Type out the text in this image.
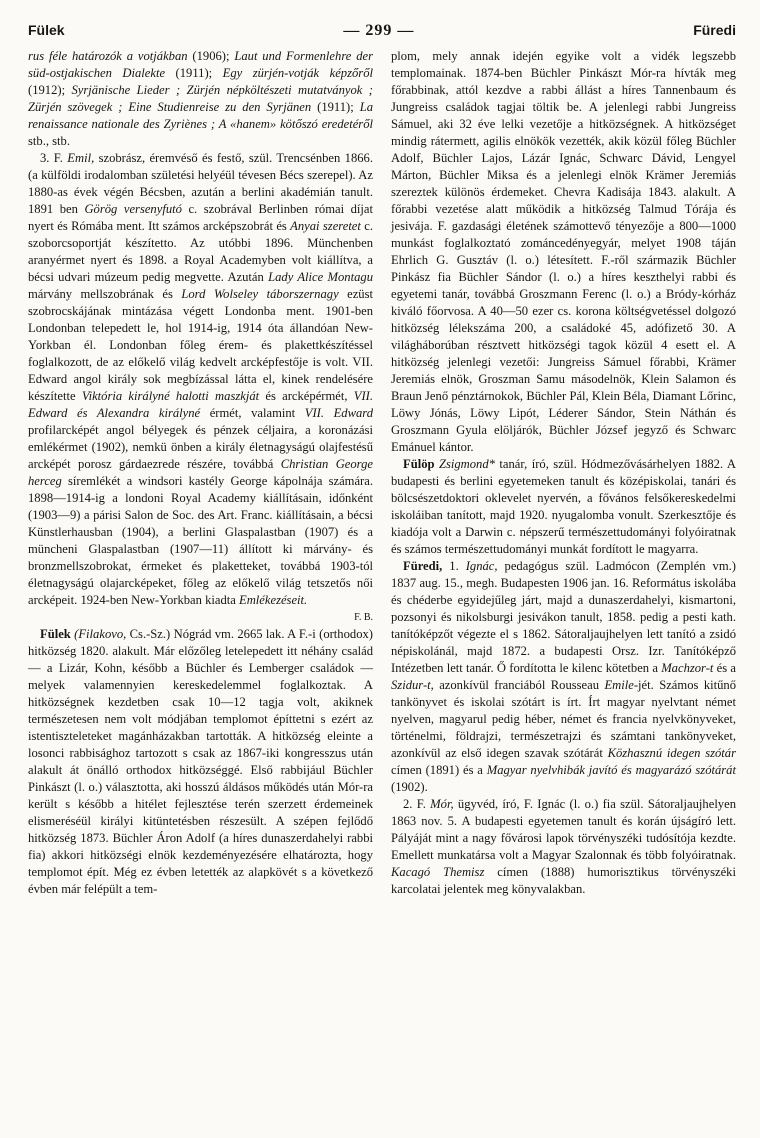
Fülek	— 299 —	Füredi

rus féle határozók a votjákban (1906); Laut und Formenlehre der süd-ostjakischen Dialekte (1911); Egy zürjén-votják képzőről (1912); Syrjänische Lieder ; Zürjén népköltészeti mutatványok ; Zürjén szövegek ; Eine Studienreise zu den Syrjänen (1911); La renaissance nationale des Zyriènes ; A «hanem» kötőszó eredetéről stb., stb.

3. F. Emil, szobrász, éremvéső és festő, szül. Trencsénben 1866. (a külföldi irodalomban születési helyéül tévesen Bécs szerepel). Az 1880-as évek végén Bécsben, azután a berlini akadémián tanult. 1891 ben Görög versenyfutó c. szobrával Berlinben római díjat nyert és Rómába ment. Itt számos arcképszobrát és Anyai szeretet c. szoborcsoportját készítetto. Az utóbbi 1896. Münchenben aranyérmet nyert és 1898. a Royal Academyben volt kiállítva, a bécsi udvari múzeum pedig megvette. Azután Lady Alice Montagu márvány mellszobrának és Lord Wolseley táborszernagy ezüst szobrocskájának mintázása végett Londonba ment. 1901-ben Londonban telepedett le, hol 1914-ig, 1914 óta állandóan New-Yorkban él. Londonban főleg érem- és plakettkészítéssel foglalkozott, de az előkelő világ kedvelt arcképfestője is volt. VII. Edward angol király sok megbízással látta el, kinek rendelésére készítette Viktória királyné halotti maszkját és arcképérmét, VII. Edward és Alexandra királyné érmét, valamint VII. Edward profilarcképét angol bélyegek és pénzek céljaira, a koronázási emlékérmet (1902), nemkü önben a király életnagyságú olajfestésű arcképét porosz gárdaezrede részére, továbbá Christian George herceg síremlékét a windsori kastély George kápolnája számára. 1898—1914-ig a londoni Royal Academy kiállításain, időnként (1903—9) a párisi Salon de Soc. des Art. Franc. kiállításain, a bécsi Künstlerhausban (1904), a berlini Glaspalastban (1907) és a müncheni Glaspalastban (1907—11) állított ki márvány- és bronzmellszobrokat, érmeket és plaketteket, továbbá 1903-tól életnagyságú olajarcképeket, főleg az előkelő világ tetszetős női arcképeit. 1924-ben New-Yorkban kiadta Emlékezéseit.

F. B.

Fülek (Filakovo, Cs.-Sz.) Nógrád vm. 2665 lak. A F.-i (orthodox) hitközség 1820. alakult. Már előzőleg letelepedett itt néhány család — a Lizár, Kohn, később a Büchler és Lemberger családok — melyek valamennyien kereskedelemmel foglalkoztak. A hitközségnek kezdetben csak 10—12 tagja volt, akiknek természetesen nem volt módjában templomot építtetni s ezért az istentiszteleteket magánházakban tartották. A hitközség eleinte a losonci rabbisághoz tartozott s csak az 1867-iki kongresszus után alakult át önálló orthodox hitközséggé. Első rabbijául Büchler Pinkászt (l. o.) választotta, aki hosszú áldásos működés után Mór-ra került s később a hitélet fejlesztése terén szerzett érdemeinek elismeréséül királyi kitüntetésben részesült. A szépen fejlődő hitközség 1873. Büchler Áron Adolf (a híres dunaszerdahelyi rabbi fia) akkori hitközségi elnök kezdeményezésére elhatározta, hogy templomot épít. Még ez évben letették az alapkövét s a következő évben már felépült a tem-

plom, mely annak idején egyike volt a vidék legszebb templomainak. 1874-ben Büchler Pinkászt Mór-ra hívták meg főrabbinak, attól kezdve a rabbi állást a híres Tannenbaum és Jungreiss családok tagjai töltik be. A jelenlegi rabbi Jungreiss Sámuel, aki 32 éve lelki vezetője a hitközségnek. A hitközséget mindig rátermett, agilis elnökök vezették, akik közül főleg Büchler Adolf, Büchler Lajos, Lázár Ignác, Schwarc Dávid, Lengyel Márton, Büchler Miksa és a jelenlegi elnök Krämer Jeremiás szereztek különös érdemeket. Chevra Kadisája 1843. alakult. A főrabbi vezetése alatt működik a hitközség Talmud Tórája és jesivája. F. gazdasági életének számottevő tényezője a 800—1000 munkást foglalkoztató zománcedényegyár, melyet 1908 táján Ehrlich G. Gusztáv (l. o.) létesített. F.-ről származik Büchler Pinkász fia Büchler Sándor (l. o.) a híres keszthelyi rabbi és egyetemi tanár, továbbá Groszmann Ferenc (l. o.) a Bródy-kórház kiváló főorvosa. A 40—50 ezer cs. korona költségvetéssel dolgozó hitközség lélekszáma 200, a családoké 45, adófizető 30. A világháborúban résztvett hitközségi tagok közül 4 esett el. A hitközség jelenlegi vezetői: Jungreiss Sámuel főrabbi, Krämer Jeremiás elnök, Groszman Samu másodelnök, Klein Salamon és Braun Jenő pénztárnokok, Büchler Pál, Klein Béla, Diamant Lőrinc, Löwy Jónás, Löwy Lipót, Léderer Sándor, Stein Náthán és Groszmann Gyula elöljárók, Büchler József jegyző és Schwarc Emánuel kántor.

Fülöp Zsigmond* tanár, író, szül. Hódmezővásárhelyen 1882. A budapesti és berlini egyetemeken tanult és középiskolai, tanári és bölcsészetdoktori oklevelet nyervén, a fővános felsőkereskedelmi iskoláiban tanított, majd 1920. nyugalomba vonult. Szerkesztője és kiadója volt a Darwin c. népszerű természettudományi folyóiratnak és számos természettudományi munkát fordított le magyarra.

Füredi, 1. Ignác, pedagógus szül. Ladmócon (Zemplén vm.) 1837 aug. 15., megh. Budapesten 1906 jan. 16. Református iskolába és chéderbe egyidejűleg járt, majd a dunaszerdahelyi, kismartoni, pozsonyi és nikolsburgi jesivákon tanult, 1858. pedig a pesti kath. tanítóképzőt végezte el s 1862. Sátoraljaujhelyen lett tanító a zsidó népiskolánál, majd 1872. a budapesti Orsz. Izr. Tanítóképző Intézetben lett tanár. Ő fordította le kilenc kötetben a Machzor-t és a Szidur-t, azonkívül franciából Rousseau Emile-jét. Számos kitűnő tankönyvet és iskolai szótárt is írt. Írt magyar nyelvtant német nyelven, magyarul pedig héber, német és francia nyelvkönyveket, történelmi, földrajzi, természetrajzi és számtani tankönyveket, azonkívül az első idegen szavak szótárát Közhasznú idegen szótár címen (1891) és a Magyar nyelvhibák javító és magyarázó szótárát (1902).

2. F. Mór, ügyvéd, író, F. Ignác (l. o.) fia szül. Sátoraljaujhelyen 1863 nov. 5. A budapesti egyetemen tanult és korán újságíró lett. Pályáját mint a nagy fővárosi lapok törvényszéki tudósítója kezdte. Emellett munkatársa volt a Magyar Szalonnak és több folyóiratnak. Kacagó Themisz címen (1888) humorisztikus törvényszéki karcolatai jelentek meg könyvalakban.
